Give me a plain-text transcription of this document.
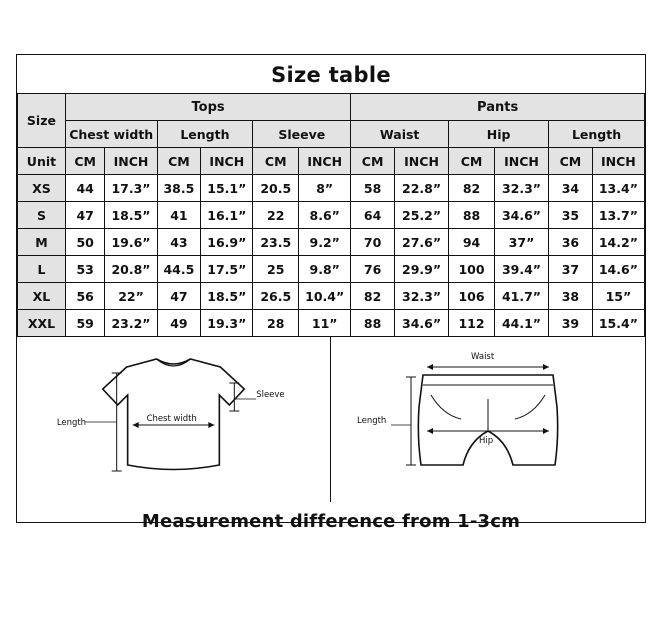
Size table
Size	Tops						Pants					
	Chest width		Length		Sleeve		Waist		Hip		Length	
Unit	CM	INCH	CM	INCH	CM	INCH	CM	INCH	CM	INCH	CM	INCH
XS	44	17.3”	38.5	15.1”	20.5	8”	58	22.8”	82	32.3”	34	13.4”
S	47	18.5”	41	16.1”	22	8.6”	64	25.2”	88	34.6”	35	13.7”
M	50	19.6”	43	16.9”	23.5	9.2”	70	27.6”	94	37”	36	14.2”
L	53	20.8”	44.5	17.5”	25	9.8”	76	29.9”	100	39.4”	37	14.6”
XL	56	22”	47	18.5”	26.5	10.4”	82	32.3”	106	41.7”	38	15”
XXL	59	23.2”	49	19.3”	28	11”	88	34.6”	112	44.1”	39	15.4”
Length	Chest width
Sleeve
Waist
Length
Hip
Measurement difference from 1-3cm
